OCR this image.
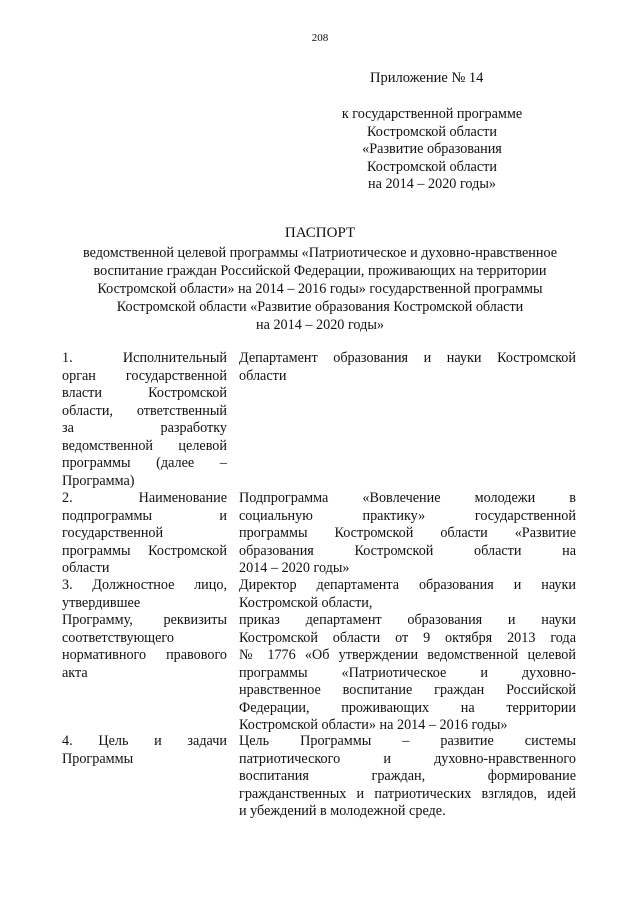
208
Приложение № 14
к государственной программе
Костромской области
«Развитие образования
Костромской области
на 2014 – 2020 годы»
ПАСПОРТ
ведомственной целевой программы «Патриотическое и духовно-нравственное
воспитание граждан Российской Федерации, проживающих на территории
Костромской области» на 2014 – 2016 годы» государственной программы
Костромской области «Развитие образования Костромской области
на 2014 – 2020 годы»
1. Исполнительный
орган государственной
власти Костромской
области, ответственный
за разработку
ведомственной целевой
программы (далее –
Программа)
Департамент образования и науки Костромской
области
2. Наименование
подпрограммы и
государственной
программы Костромской
области
Подпрограмма «Вовлечение молодежи в
социальную практику» государственной
программы Костромской области «Развитие
образования Костромской области на
2014 – 2020 годы»
3. Должностное лицо,
утвердившее
Программу, реквизиты
соответствующего
нормативного правового
акта
Директор департамента образования и науки
Костромской области,
приказ департамент образования и науки
Костромской области от 9 октября 2013 года
№ 1776 «Об утверждении ведомственной целевой
программы «Патриотическое и духовно-
нравственное воспитание граждан Российской
Федерации, проживающих на территории
Костромской области» на 2014 – 2016 годы»
4. Цель и задачи
Программы
Цель Программы – развитие системы
патриотического и духовно-нравственного
воспитания граждан, формирование
гражданственных и патриотических взглядов, идей
и убеждений в молодежной среде.
